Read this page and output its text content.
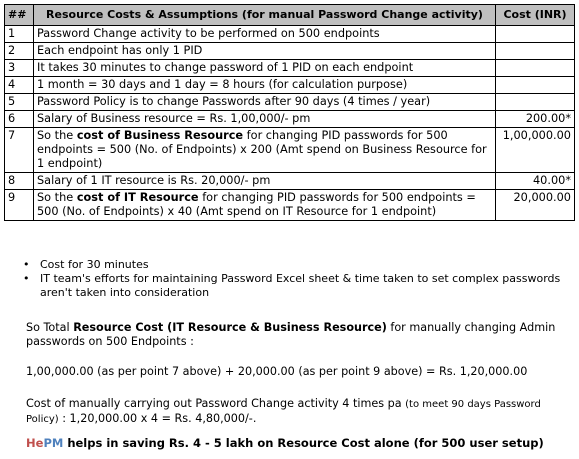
##	Resource Costs & Assumptions (for manual Password Change activity)	Cost (INR)
1	Password Change activity to be performed on 500 endpoints	
2	Each endpoint has only 1 PID	
3	It takes 30 minutes to change password of 1 PID on each endpoint	
4	1 month = 30 days and 1 day = 8 hours (for calculation purpose)	
5	Password Policy is to change Passwords after 90 days (4 times / year)	
6	Salary of Business resource = Rs. 1,00,000/- pm	200.00*
7	So the cost of Business Resource for changing PID passwords for 500 endpoints = 500 (No. of Endpoints) x 200 (Amt spend on Business Resource for 1 endpoint)	1,00,000.00
8	Salary of 1 IT resource is Rs. 20,000/- pm	40.00*
9	So the cost of IT Resource for changing PID passwords for 500 endpoints = 500 (No. of Endpoints) x 40 (Amt spend on IT Resource for 1 endpoint)	20,000.00
• Cost for 30 minutes
• IT team's efforts for maintaining Password Excel sheet & time taken to set complex passwords aren't taken into consideration
So Total Resource Cost (IT Resource & Business Resource) for manually changing Admin passwords on 500 Endpoints :
1,00,000.00 (as per point 7 above) + 20,000.00 (as per point 9 above) = Rs. 1,20,000.00
Cost of manually carrying out Password Change activity 4 times pa (to meet 90 days Password Policy) : 1,20,000.00 x 4 = Rs. 4,80,000/-.
HePM helps in saving Rs. 4 - 5 lakh on Resource Cost alone (for 500 user setup)
